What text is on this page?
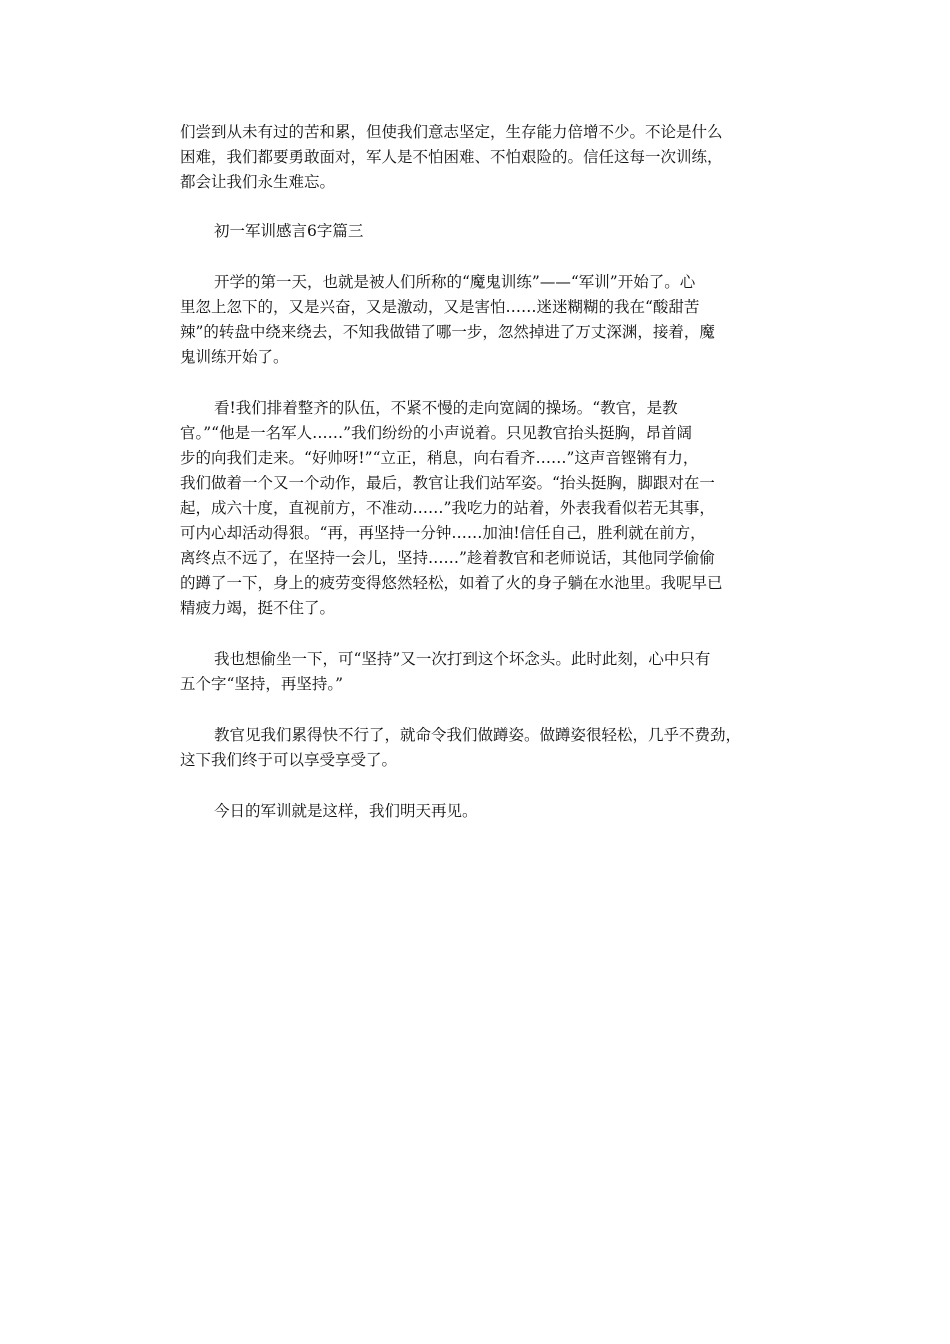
们尝到从未有过的苦和累，但使我们意志坚定，生存能力倍增不少。不论是什么
困难，我们都要勇敢面对，军人是不怕困难、不怕艰险的。信任这每一次训练，
都会让我们永生难忘。

初一军训感言6字篇三

开学的第一天，也就是被人们所称的“魔鬼训练”——“军训”开始了。心
里忽上忽下的，又是兴奋，又是激动，又是害怕……迷迷糊糊的我在“酸甜苦
辣”的转盘中绕来绕去，不知我做错了哪一步，忽然掉进了万丈深渊，接着，魔
鬼训练开始了。

看!我们排着整齐的队伍，不紧不慢的走向宽阔的操场。“教官，是教
官。”“他是一名军人……”我们纷纷的小声说着。只见教官抬头挺胸，昂首阔
步的向我们走来。“好帅呀!”“立正，稍息，向右看齐……”这声音铿锵有力，
我们做着一个又一个动作，最后，教官让我们站军姿。“抬头挺胸，脚跟对在一
起，成六十度，直视前方，不准动……”我吃力的站着，外表我看似若无其事，
可内心却活动得狠。“再，再坚持一分钟……加油!信任自己，胜利就在前方，
离终点不远了，在坚持一会儿，坚持……”趁着教官和老师说话，其他同学偷偷
的蹲了一下，身上的疲劳变得悠然轻松，如着了火的身子躺在水池里。我呢早已
精疲力竭，挺不住了。

我也想偷坐一下，可“坚持”又一次打到这个坏念头。此时此刻，心中只有
五个字“坚持，再坚持。”

教官见我们累得快不行了，就命令我们做蹲姿。做蹲姿很轻松，几乎不费劲，
这下我们终于可以享受享受了。

今日的军训就是这样，我们明天再见。
